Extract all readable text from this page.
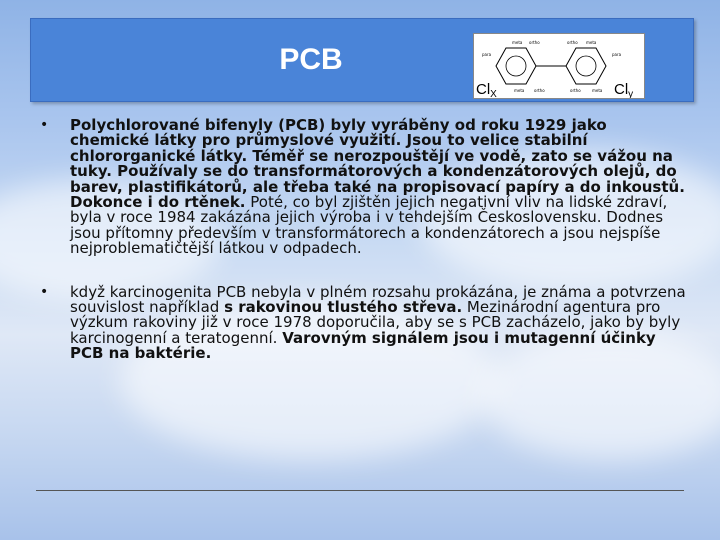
PCB
meta ortho
para
ortho meta
ortho
meta	ortho	meta
para
$Cl_X$	$Cl_y$
• Polychlorované bifenyly (PCB) byly vyráběny od roku 1929 jako chemické látky pro průmyslové využití. Jsou to velice stabilní chlororganické látky. Téměř se nerozpouštějí ve vodě, zato se vážou na tuky. Používaly se do transformátorových a kondenzátorových olejů, do barev, plastifikátorů, ale třeba také na propisovací papíry a do inkoustů. Dokonce i do rtěnek. Poté, co byl zjištěn jejich negativní vliv na lidské zdraví, byla v roce 1984 zakázána jejich výroba i v tehdejším Československu. Dodnes jsou přítomny především v transformátorech a kondenzátorech a jsou nejspíše nejproblematičtější látkou v odpadech.
• když karcinogenita PCB nebyla v plném rozsahu prokázána, je známa a potvrzena souvislost například s rakovinou tlustého střeva. Mezinárodní agentura pro výzkum rakoviny již v roce 1978 doporučila, aby se s PCB zacházelo, jako by byly karcinogenní a teratogenní. Varovným signálem jsou i mutagenní účinky PCB na baktérie.
